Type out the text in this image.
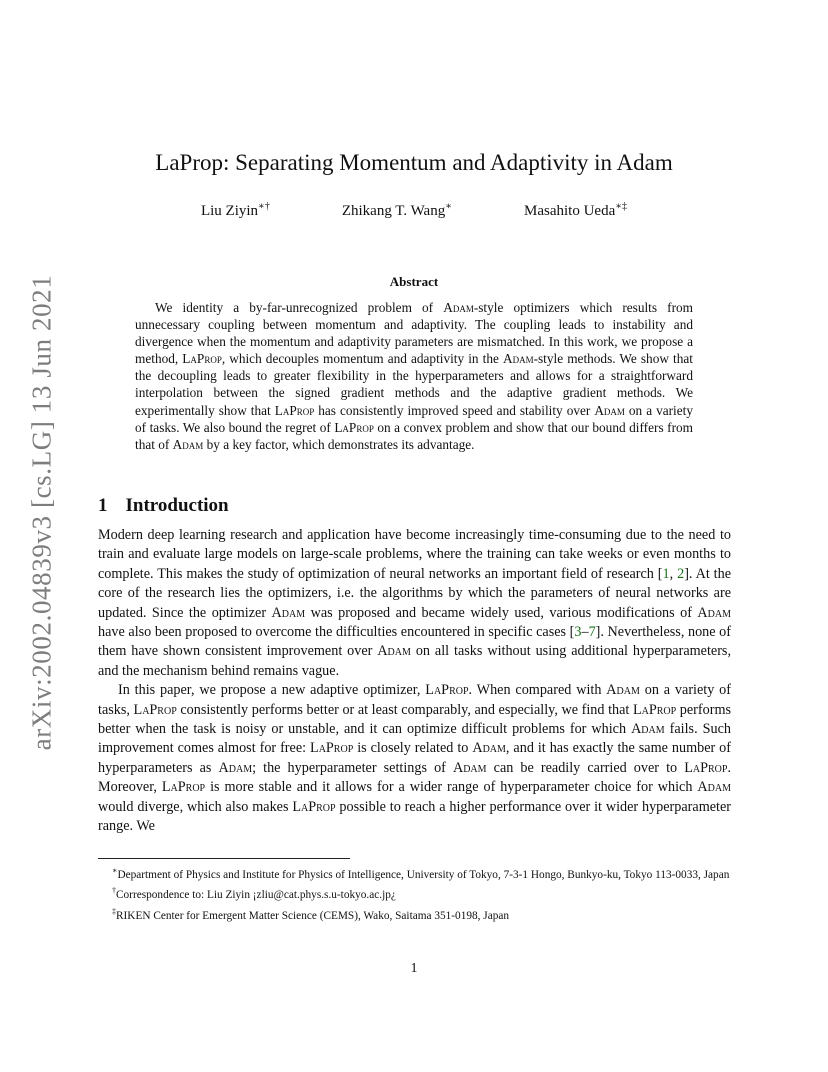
arXiv:2002.04839v3 [cs.LG] 13 Jun 2021
LaProp: Separating Momentum and Adaptivity in Adam
Liu Ziyin∗†	Zhikang T. Wang∗	Masahito Ueda∗‡
Abstract

We identity a by-far-unrecognized problem of Adam-style optimizers which results from unnecessary coupling between momentum and adaptivity. The coupling leads to instability and divergence when the momentum and adaptivity parameters are mismatched. In this work, we propose a method, LaProp, which decouples momentum and adaptivity in the Adam-style methods. We show that the decoupling leads to greater flexibility in the hyperparameters and allows for a straightforward interpolation between the signed gradient methods and the adaptive gradient methods. We experimentally show that LaProp has consistently improved speed and stability over Adam on a variety of tasks. We also bound the regret of LaProp on a convex problem and show that our bound differs from that of Adam by a key factor, which demonstrates its advantage.

1 Introduction

Modern deep learning research and application have become increasingly time-consuming due to the need to train and evaluate large models on large-scale problems, where the training can take weeks or even months to complete. This makes the study of optimization of neural networks an important field of research [1, 2]. At the core of the research lies the optimizers, i.e. the algorithms by which the parameters of neural networks are updated. Since the optimizer Adam was proposed and became widely used, various modifications of Adam have also been proposed to overcome the difficulties encountered in specific cases [3–7]. Nevertheless, none of them have shown consistent improvement over Adam on all tasks without using additional hyperparameters, and the mechanism behind remains vague.

In this paper, we propose a new adaptive optimizer, LaProp. When compared with Adam on a variety of tasks, LaProp consistently performs better or at least comparably, and especially, we find that LaProp performs better when the task is noisy or unstable, and it can optimize difficult problems for which Adam fails. Such improvement comes almost for free: LaProp is closely related to Adam, and it has exactly the same number of hyperparameters as Adam; the hyperparameter settings of Adam can be readily carried over to LaProp. Moreover, LaProp is more stable and it allows for a wider range of hyperparameter choice for which Adam would diverge, which also makes LaProp possible to reach a higher performance over it wider hyperparameter range. We

∗Department of Physics and Institute for Physics of Intelligence, University of Tokyo, 7-3-1 Hongo, Bunkyo-ku, Tokyo 113-0033, Japan

†Correspondence to: Liu Ziyin ¡zliu@cat.phys.s.u-tokyo.ac.jp¿

‡RIKEN Center for Emergent Matter Science (CEMS), Wako, Saitama 351-0198, Japan

1
